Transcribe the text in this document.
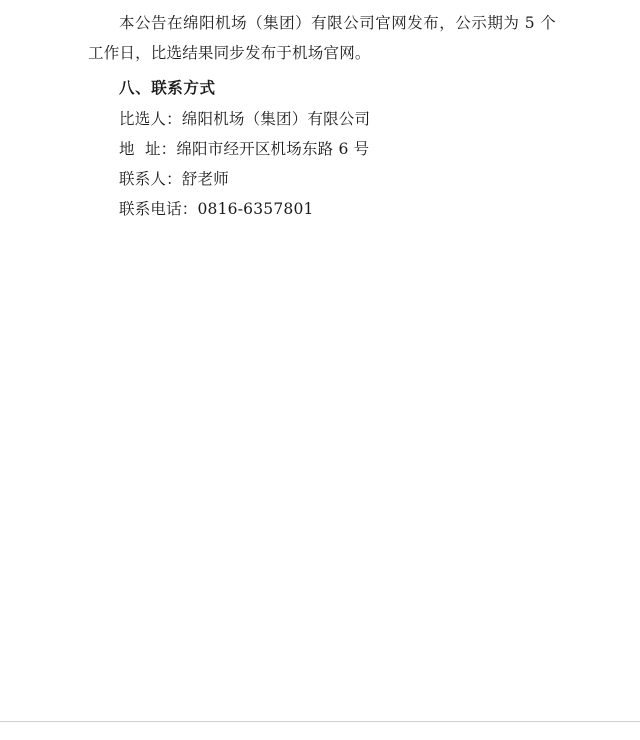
本公告在绵阳机场（集团）有限公司官网发布，公示期为 5 个工作日，比选结果同步发布于机场官网。

八、联系方式
比选人：绵阳机场（集团）有限公司
地  址：绵阳市经开区机场东路 6 号
联系人：舒老师
联系电话：0816-6357801
